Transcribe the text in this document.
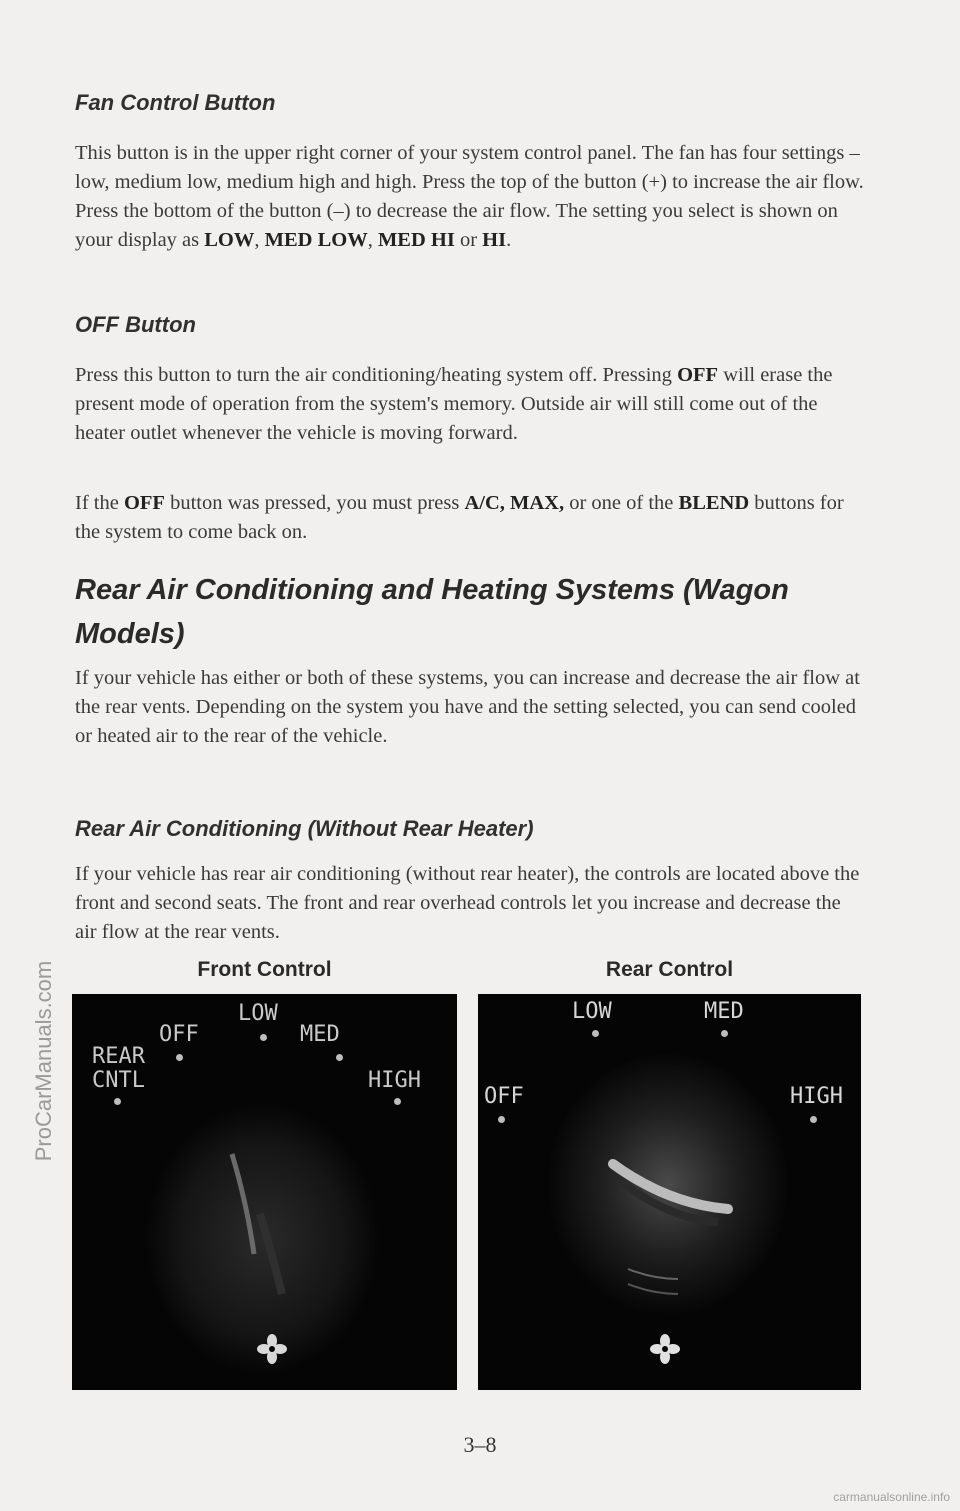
Fan Control Button

This button is in the upper right corner of your system control panel. The fan has four settings – low, medium low, medium high and high. Press the top of the button (+) to increase the air flow. Press the bottom of the button (–) to decrease the air flow. The setting you select is shown on your display as LOW, MED LOW, MED HI or HI.

OFF Button

Press this button to turn the air conditioning/heating system off. Pressing OFF will erase the present mode of operation from the system's memory. Outside air will still come out of the heater outlet whenever the vehicle is moving forward.

If the OFF button was pressed, you must press A/C, MAX, or one of the BLEND buttons for the system to come back on.

Rear Air Conditioning and Heating Systems (Wagon Models)

If your vehicle has either or both of these systems, you can increase and decrease the air flow at the rear vents. Depending on the system you have and the setting selected, you can send cooled or heated air to the rear of the vehicle.

Rear Air Conditioning (Without Rear Heater)

If your vehicle has rear air conditioning (without rear heater), the controls are located above the front and second seats. The front and rear overhead controls let you increase and decrease the air flow at the rear vents.

Front Control	Rear Control
OFF
LOW
MED
REAR
CNTL	HIGH
LOW	MED
OFF	HIGH
3–8
ProCarManuals.com
carmanualsonline.info
